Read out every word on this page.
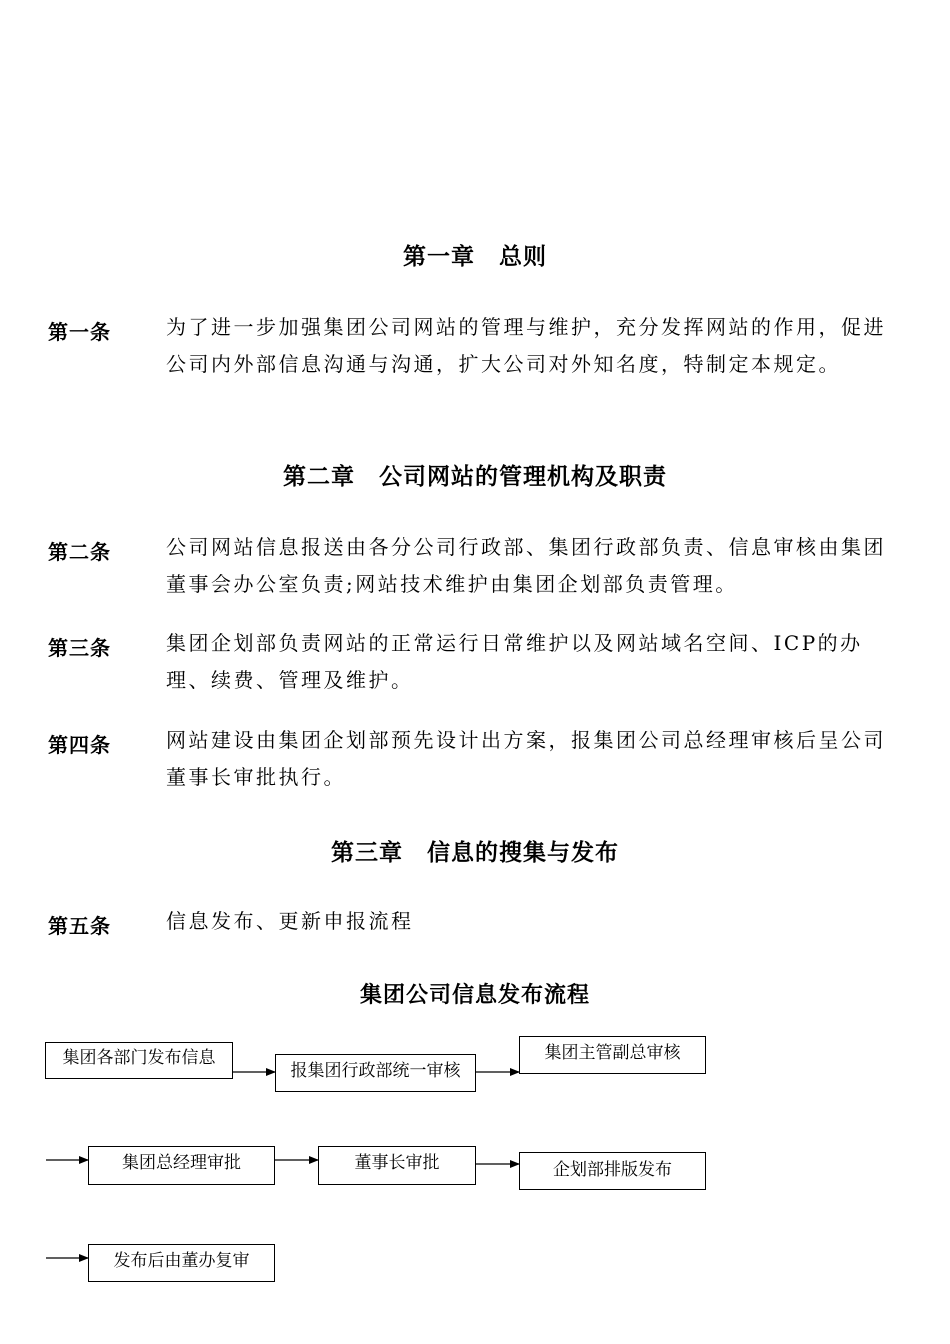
第一章　总则
第一条	为了进一步加强集团公司网站的管理与维护，充分发挥网站的作用，促进公司内外部信息沟通与沟通，扩大公司对外知名度，特制定本规定。
第二章　公司网站的管理机构及职责
第二条	公司网站信息报送由各分公司行政部、集团行政部负责、信息审核由集团董事会办公室负责;网站技术维护由集团企划部负责管理。
第三条	集团企划部负责网站的正常运行日常维护以及网站域名空间、ICP的办理、续费、管理及维护。
第四条	网站建设由集团企划部预先设计出方案，报集团公司总经理审核后呈公司董事长审批执行。
第三章　信息的搜集与发布
第五条	信息发布、更新申报流程
集团公司信息发布流程
集团各部门发布信息
报集团行政部统一审核
集团主管副总审核
集团总经理审批	董事长审批	企划部排版发布
发布后由董办复审
